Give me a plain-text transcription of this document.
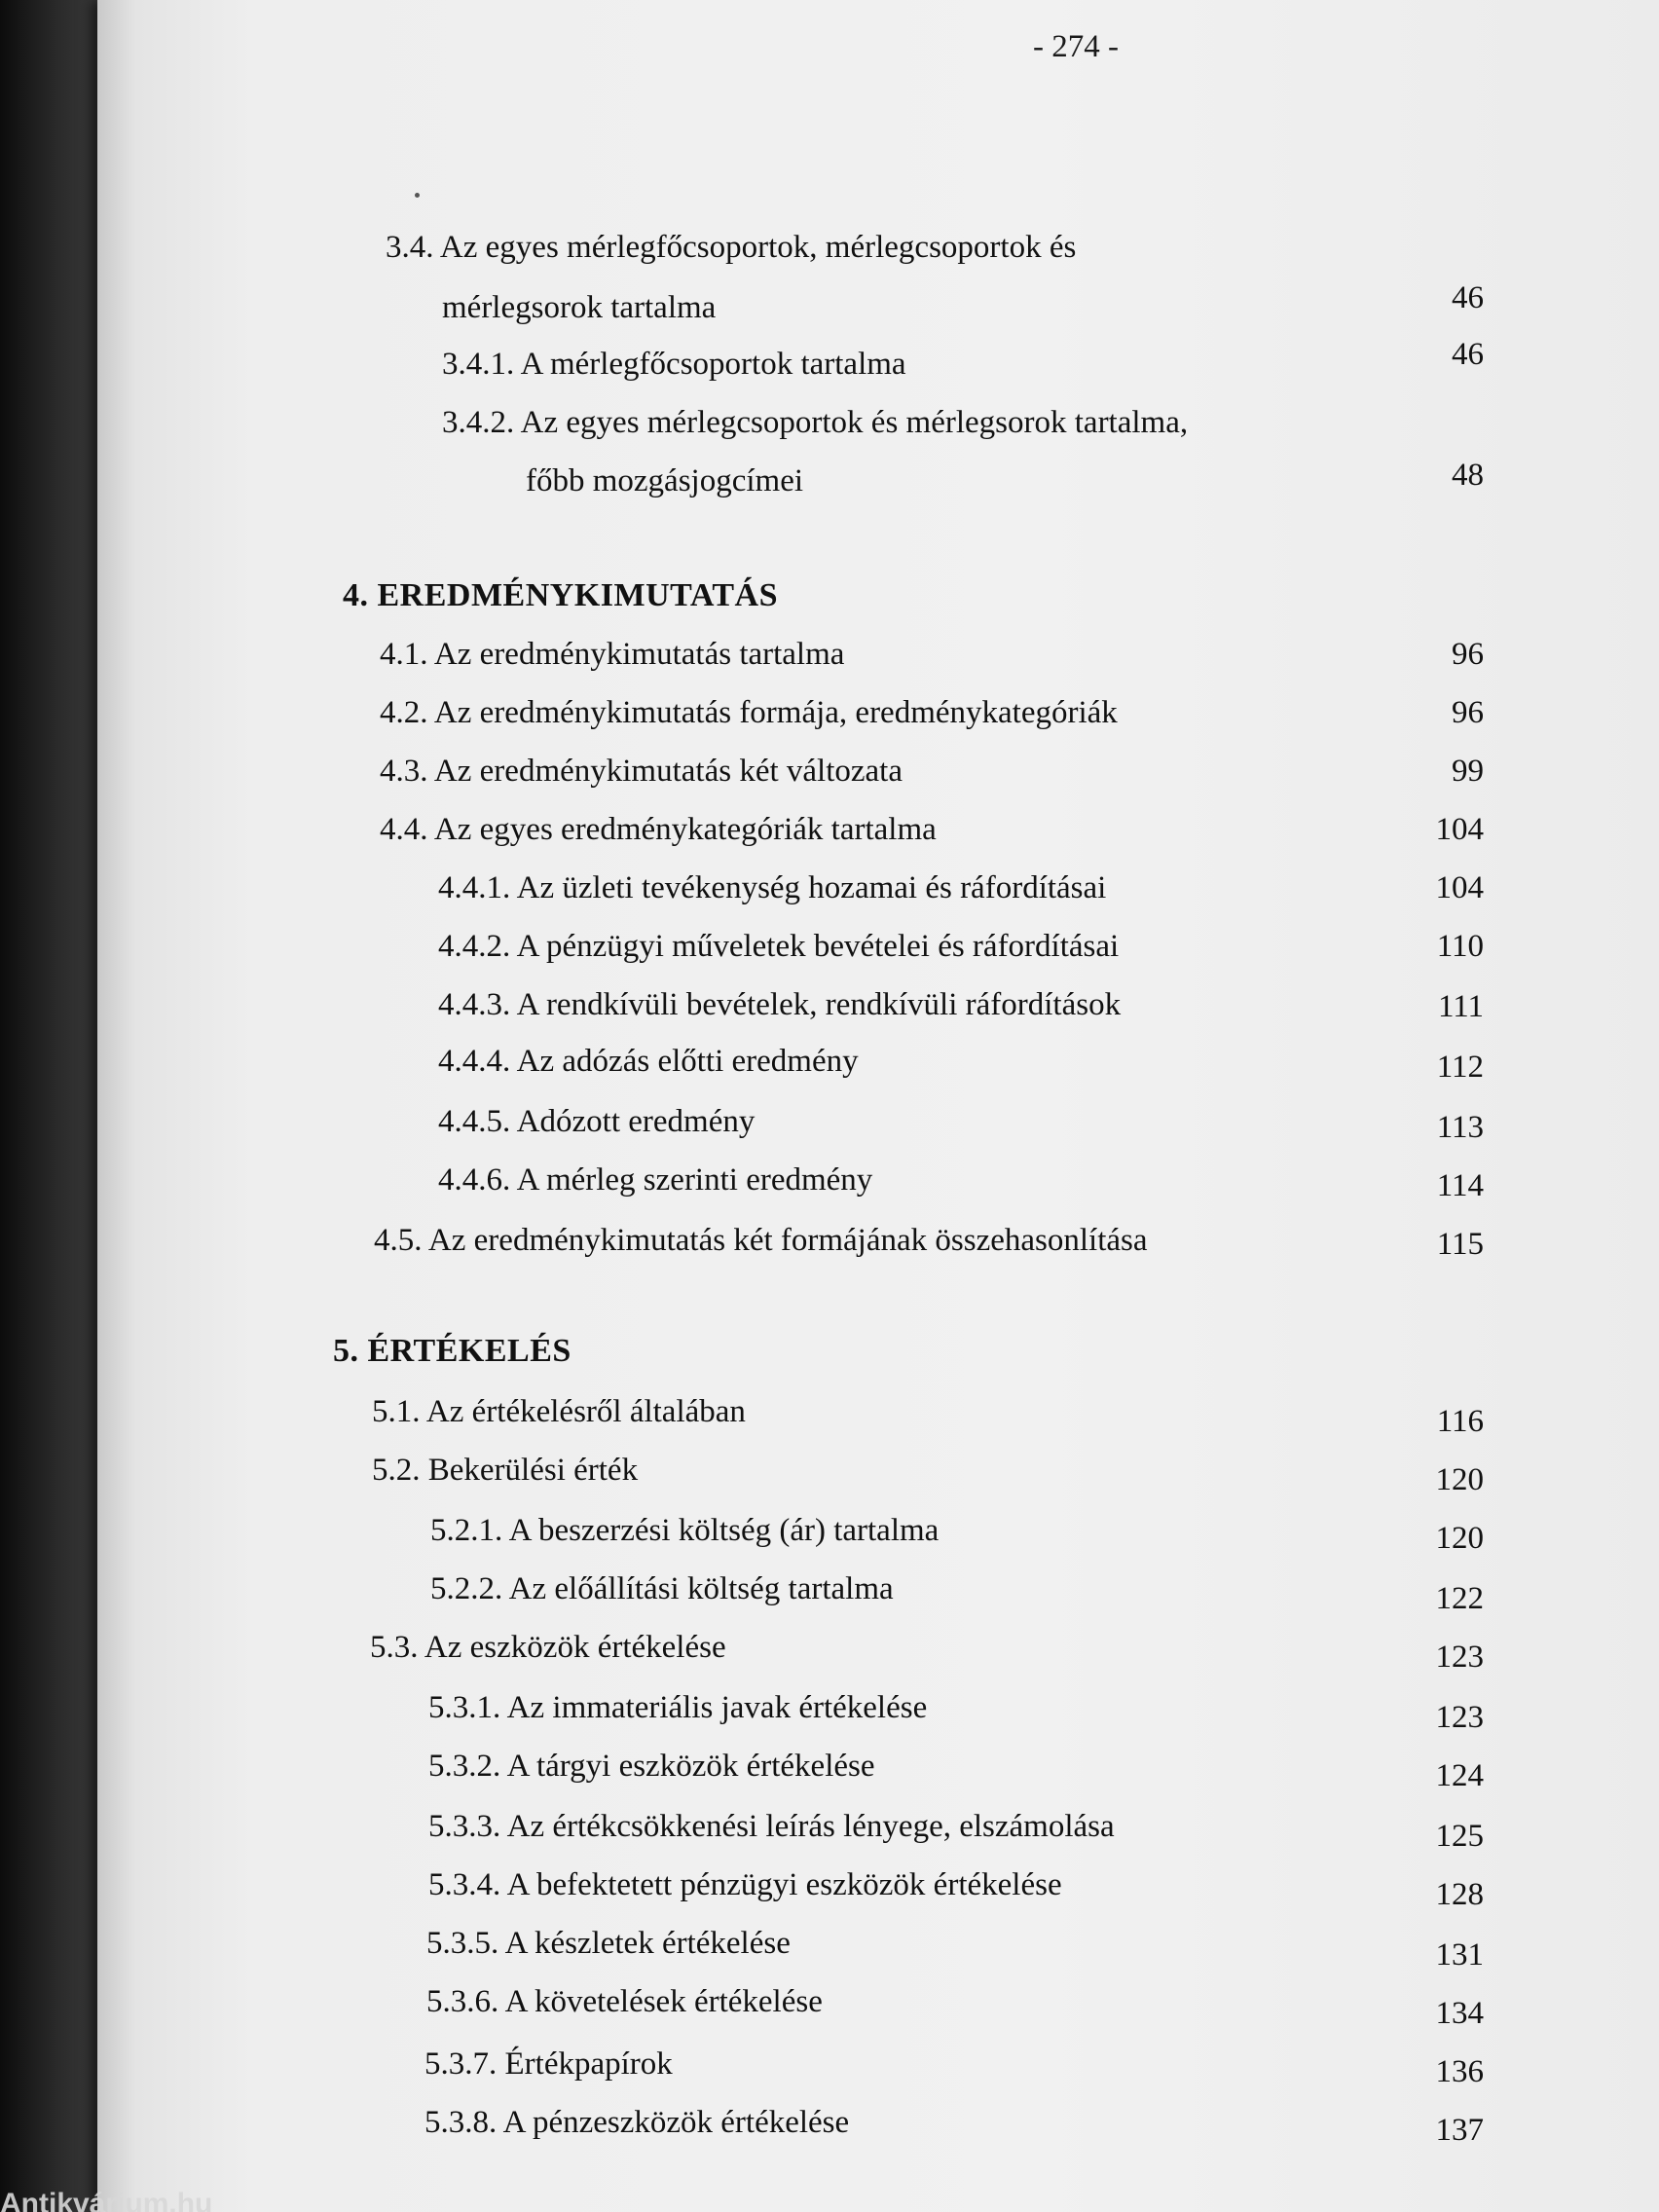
- 274 -
3.4. Az egyes mérlegfőcsoportok, mérlegcsoportok és
mérlegsorok tartalma	46
3.4.1. A mérlegfőcsoportok tartalma	46
3.4.2. Az egyes mérlegcsoportok és mérlegsorok tartalma,
főbb mozgásjogcímei	48
4. EREDMÉNYKIMUTATÁS
4.1. Az eredménykimutatás tartalma	96
4.2. Az eredménykimutatás formája, eredménykategóriák	96
4.3. Az eredménykimutatás két változata	99
4.4. Az egyes eredménykategóriák tartalma	104
4.4.1. Az üzleti tevékenység hozamai és ráfordításai	104
4.4.2. A pénzügyi műveletek bevételei és ráfordításai	110
4.4.3. A rendkívüli bevételek, rendkívüli ráfordítások	111
4.4.4. Az adózás előtti eredmény	112
4.4.5. Adózott eredmény	113
4.4.6. A mérleg szerinti eredmény	114
4.5. Az eredménykimutatás két formájának összehasonlítása	115
5. ÉRTÉKELÉS
5.1. Az értékelésről általában	116
5.2. Bekerülési érték	120
5.2.1. A beszerzési költség (ár) tartalma	120
5.2.2. Az előállítási költség tartalma	122
5.3. Az eszközök értékelése	123
5.3.1. Az immateriális javak értékelése	123
5.3.2. A tárgyi eszközök értékelése	124
5.3.3. Az értékcsökkenési leírás lényege, elszámolása	125
5.3.4. A befektetett pénzügyi eszközök értékelése	128
5.3.5. A készletek értékelése	131
5.3.6. A követelések értékelése	134
5.3.7. Értékpapírok	136
5.3.8. A pénzeszközök értékelése	137
Antikvárium.hu
